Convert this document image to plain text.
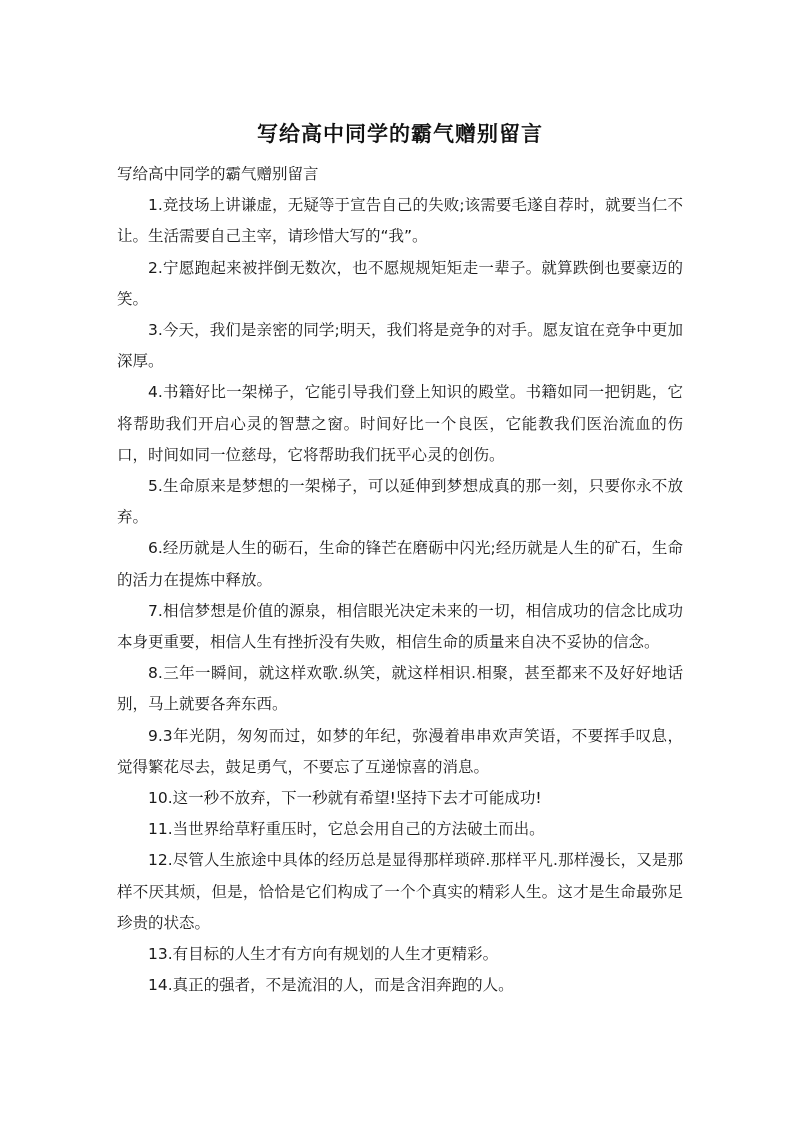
写给高中同学的霸气赠别留言

写给高中同学的霸气赠别留言

1.竞技场上讲谦虚，无疑等于宣告自己的失败;该需要毛遂自荐时，就要当仁不让。生活需要自己主宰，请珍惜大写的“我”。

2.宁愿跑起来被拌倒无数次，也不愿规规矩矩走一辈子。就算跌倒也要豪迈的笑。

3.今天，我们是亲密的同学;明天，我们将是竞争的对手。愿友谊在竞争中更加深厚。

4.书籍好比一架梯子，它能引导我们登上知识的殿堂。书籍如同一把钥匙，它将帮助我们开启心灵的智慧之窗。时间好比一个良医，它能教我们医治流血的伤口，时间如同一位慈母，它将帮助我们抚平心灵的创伤。

5.生命原来是梦想的一架梯子，可以延伸到梦想成真的那一刻，只要你永不放弃。

6.经历就是人生的砺石，生命的锋芒在磨砺中闪光;经历就是人生的矿石，生命的活力在提炼中释放。

7.相信梦想是价值的源泉，相信眼光决定未来的一切，相信成功的信念比成功本身更重要，相信人生有挫折没有失败，相信生命的质量来自决不妥协的信念。

8.三年一瞬间，就这样欢歌.纵笑，就这样相识.相聚，甚至都来不及好好地话别，马上就要各奔东西。

9.3年光阴，匆匆而过，如梦的年纪，弥漫着串串欢声笑语，不要挥手叹息，觉得繁花尽去，鼓足勇气，不要忘了互递惊喜的消息。

10.这一秒不放弃，下一秒就有希望!坚持下去才可能成功!

11.当世界给草籽重压时，它总会用自己的方法破土而出。

12.尽管人生旅途中具体的经历总是显得那样琐碎.那样平凡.那样漫长，又是那样不厌其烦，但是，恰恰是它们构成了一个个真实的精彩人生。这才是生命最弥足珍贵的状态。

13.有目标的人生才有方向有规划的人生才更精彩。

14.真正的强者，不是流泪的人，而是含泪奔跑的人。
